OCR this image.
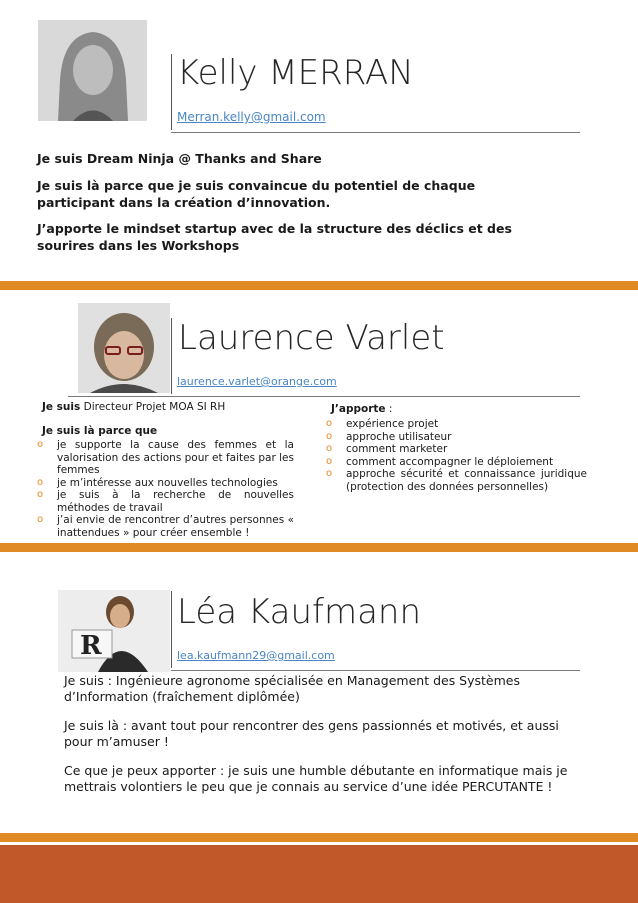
Kelly MERRAN
Merran.kelly@gmail.com
Je suis Dream Ninja @ Thanks and Share
Je suis là parce que je suis convaincue du potentiel de chaque participant dans la création d’innovation.
J’apporte le mindset startup avec de la structure des déclics et des sourires dans les Workshops
Laurence Varlet
laurence.varlet@orange.com
Je suis Directeur Projet MOA SI RH
Je suis là parce que
o je supporte la cause des femmes et la valorisation des actions pour et faites par les femmes
o je m’intéresse aux nouvelles technologies
o je suis à la recherche de nouvelles méthodes de travail
o j’ai envie de rencontrer d’autres personnes « inattendues » pour créer ensemble !
J’apporte :
o expérience projet
o approche utilisateur
o comment marketer
o comment accompagner le déploiement
o approche sécurité et connaissance juridique (protection des données personnelles)
R
Léa Kaufmann
lea.kaufmann29@gmail.com
Je suis : Ingénieure agronome spécialisée en Management des Systèmes d’Information (fraîchement diplômée)
Je suis là : avant tout pour rencontrer des gens passionnés et motivés, et aussi pour m’amuser !
Ce que je peux apporter : je suis une humble débutante en informatique mais je mettrais volontiers le peu que je connais au service d’une idée PERCUTANTE !
